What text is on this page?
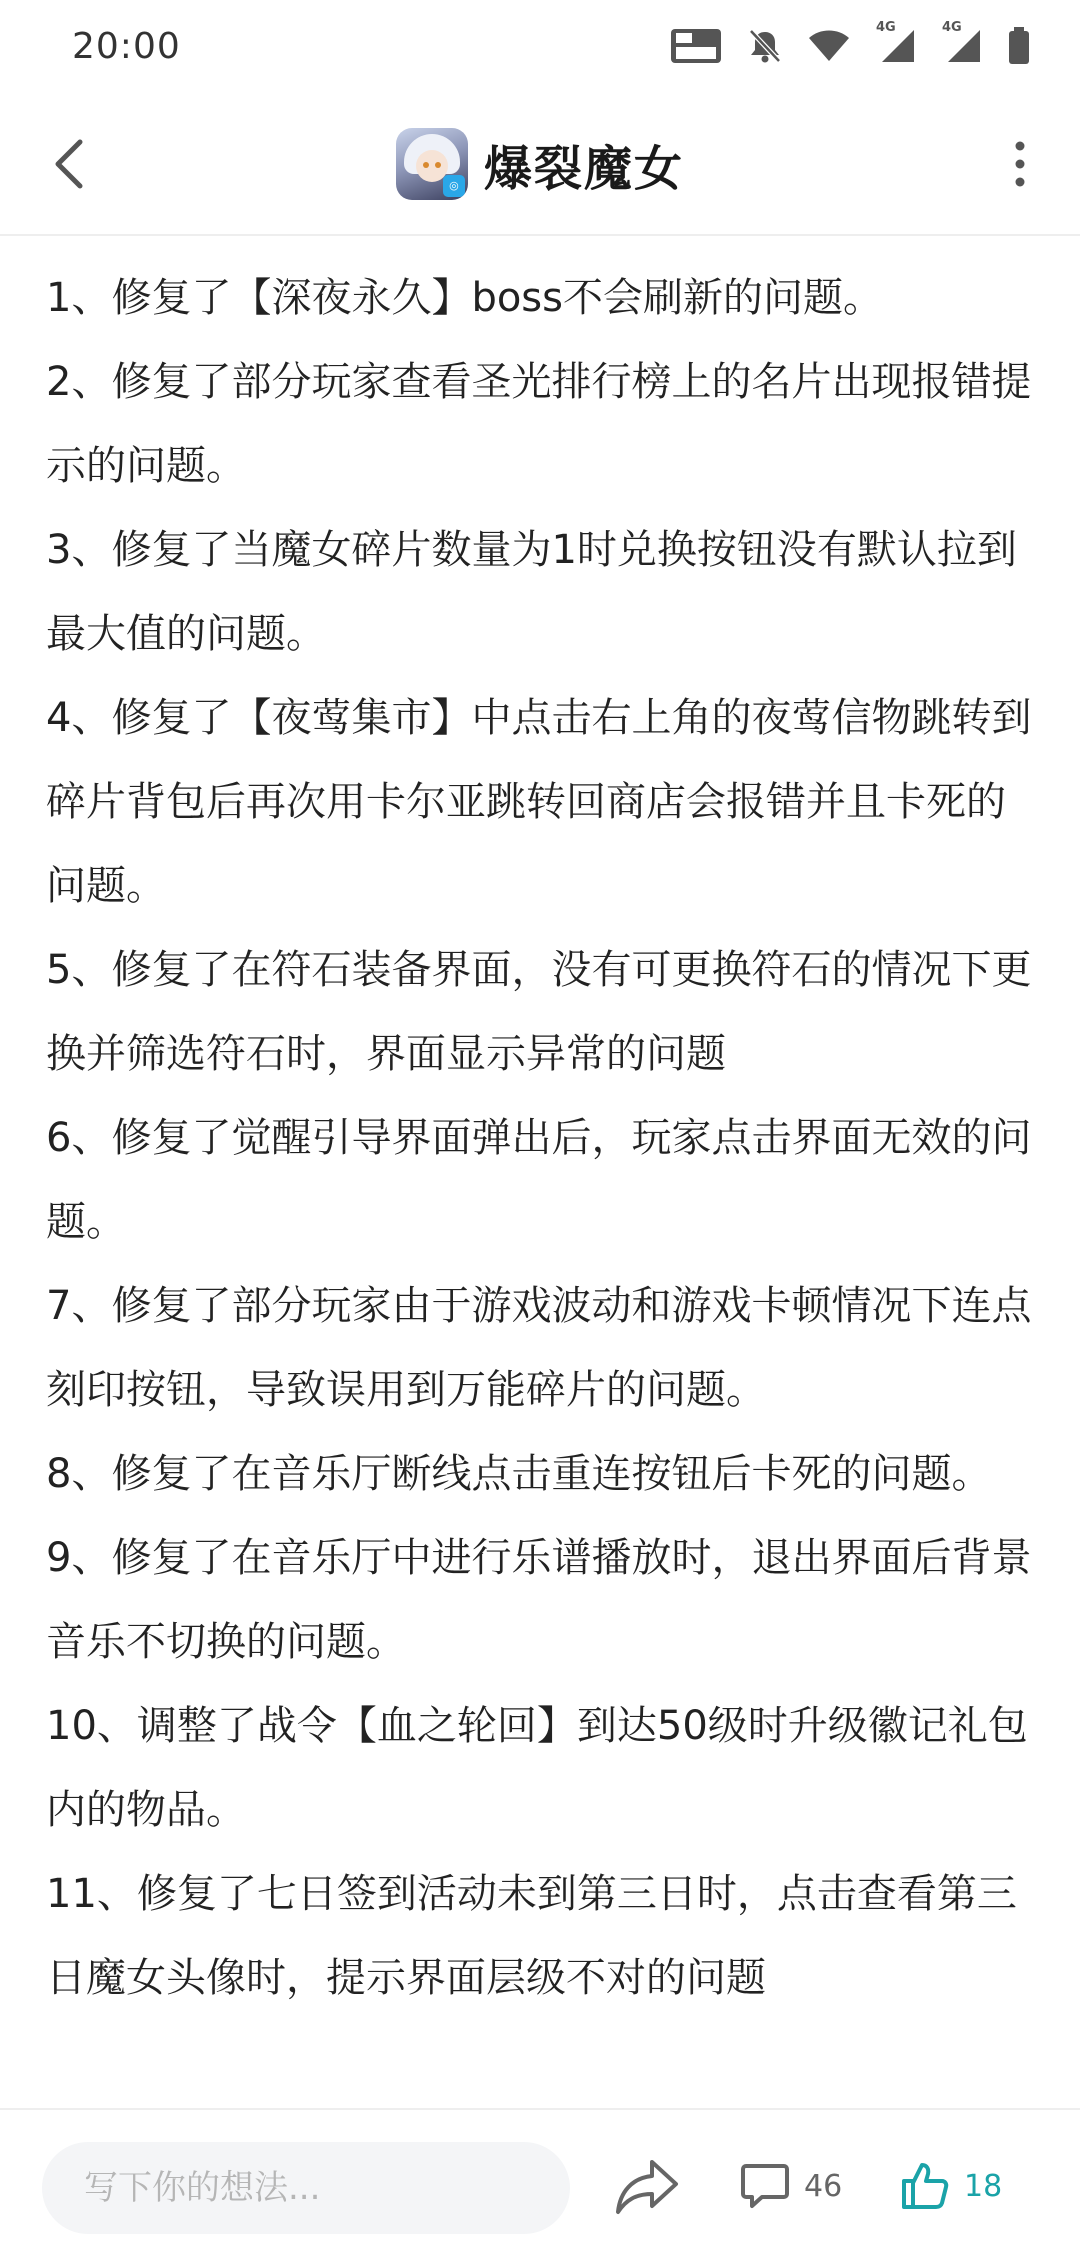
20:00	4G	4G
◎ 爆裂魔女

1、修复了【深夜永久】boss不会刷新的问题。

2、修复了部分玩家查看圣光排行榜上的名片出现报错提示的问题。

3、修复了当魔女碎片数量为1时兑换按钮没有默认拉到最大值的问题。

4、修复了【夜莺集市】中点击右上角的夜莺信物跳转到碎片背包后再次用卡尔亚跳转回商店会报错并且卡死的问题。

5、修复了在符石装备界面，没有可更换符石的情况下更换并筛选符石时，界面显示异常的问题

6、修复了觉醒引导界面弹出后，玩家点击界面无效的问题。

7、修复了部分玩家由于游戏波动和游戏卡顿情况下连点刻印按钮，导致误用到万能碎片的问题。

8、修复了在音乐厅断线点击重连按钮后卡死的问题。

9、修复了在音乐厅中进行乐谱播放时，退出界面后背景音乐不切换的问题。

10、调整了战令【血之轮回】到达50级时升级徽记礼包内的物品。

11、修复了七日签到活动未到第三日时，点击查看第三日魔女头像时，提示界面层级不对的问题

写下你的想法...
46	18
